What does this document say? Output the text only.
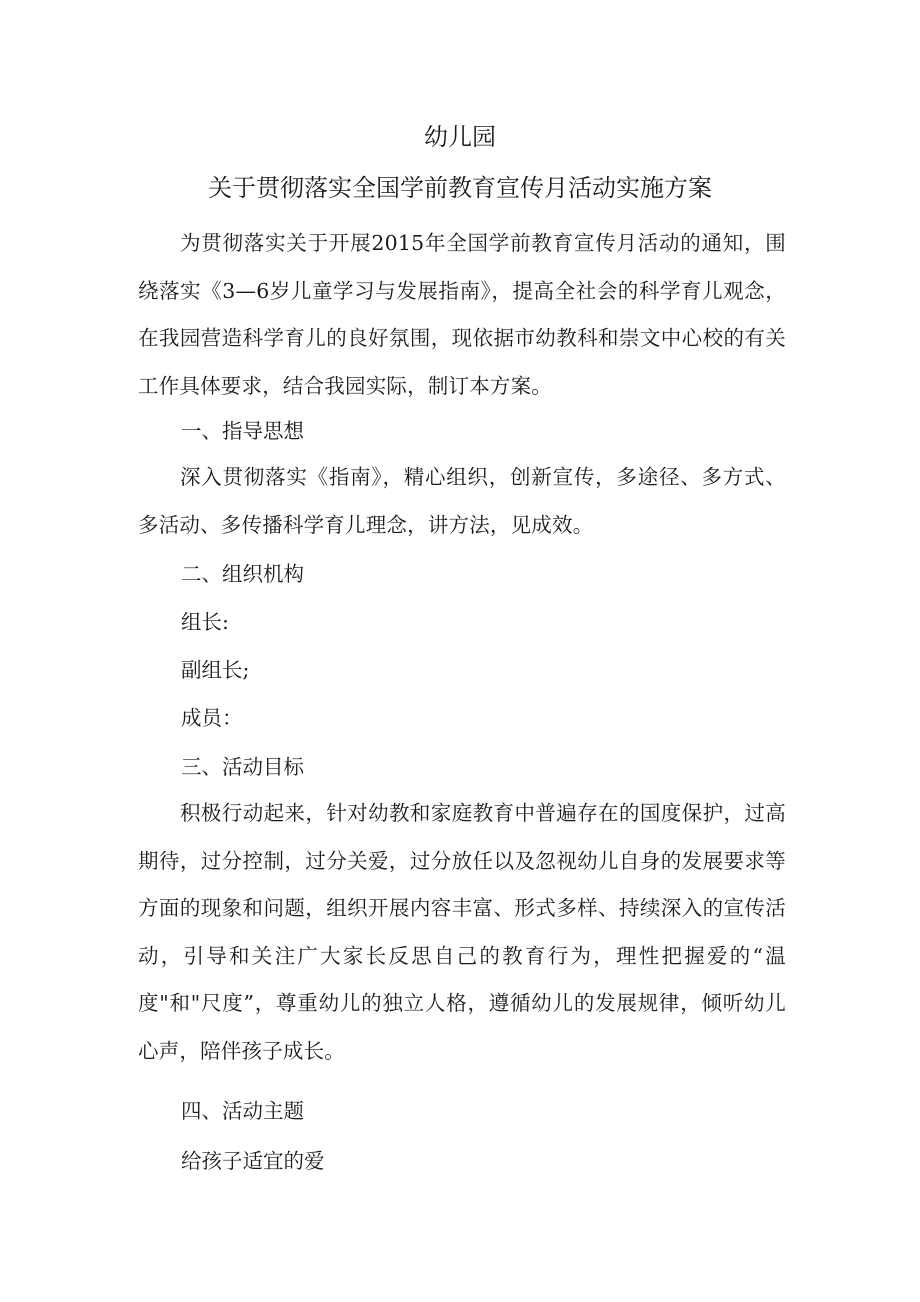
幼儿园
关于贯彻落实全国学前教育宣传月活动实施方案
为贯彻落实关于开展2015年全国学前教育宣传月活动的通知，围绕落实《3—6岁儿童学习与发展指南》，提高全社会的科学育儿观念，在我园营造科学育儿的良好氛围，现依据市幼教科和崇文中心校的有关工作具体要求，结合我园实际，制订本方案。
一、指导思想
深入贯彻落实《指南》，精心组织，创新宣传，多途径、多方式、多活动、多传播科学育儿理念，讲方法，见成效。
二、组织机构
组长:
副组长;
成员：
三、活动目标
积极行动起来，针对幼教和家庭教育中普遍存在的国度保护，过高期待，过分控制，过分关爱，过分放任以及忽视幼儿自身的发展要求等方面的现象和问题，组织开展内容丰富、形式多样、持续深入的宣传活动，引导和关注广大家长反思自己的教育行为，理性把握爱的“温度"和"尺度”，尊重幼儿的独立人格，遵循幼儿的发展规律，倾听幼儿心声，陪伴孩子成长。
四、活动主题
给孩子适宜的爱
